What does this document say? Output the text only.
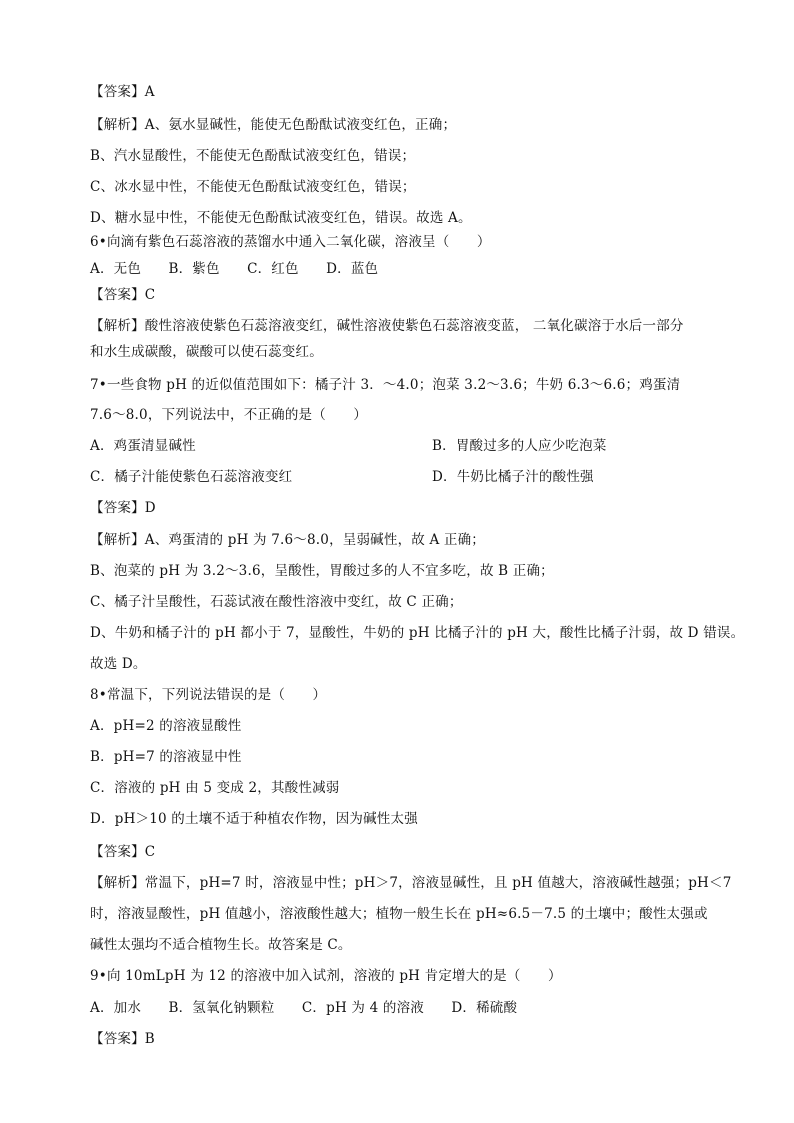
【答案】A
【解析】A、氨水显碱性，能使无色酚酞试液变红色，正确；
B、汽水显酸性，不能使无色酚酞试液变红色，错误；
C、冰水显中性，不能使无色酚酞试液变红色，错误；
D、糖水显中性，不能使无色酚酞试液变红色，错误。故选 A。
6•向滴有紫色石蕊溶液的蒸馏水中通入二氧化碳，溶液呈（　　）
A．无色　　B．紫色　　C．红色　　D．蓝色
【答案】C
【解析】酸性溶液使紫色石蕊溶液变红，碱性溶液使紫色石蕊溶液变蓝， 二氧化碳溶于水后一部分
和水生成碳酸，碳酸可以使石蕊变红。
7•一些食物 pH 的近似值范围如下：橘子汁 3．～4.0；泡菜 3.2～3.6；牛奶 6.3～6.6；鸡蛋清
7.6～8.0，下列说法中，不正确的是（　　）
A．鸡蛋清显碱性	B．胃酸过多的人应少吃泡菜
C．橘子汁能使紫色石蕊溶液变红	D．牛奶比橘子汁的酸性强
【答案】D
【解析】A、鸡蛋清的 pH 为 7.6～8.0，呈弱碱性，故 A 正确；
B、泡菜的 pH 为 3.2～3.6，呈酸性，胃酸过多的人不宜多吃，故 B 正确；
C、橘子汁呈酸性，石蕊试液在酸性溶液中变红，故 C 正确；
D、牛奶和橘子汁的 pH 都小于 7，显酸性，牛奶的 pH 比橘子汁的 pH 大，酸性比橘子汁弱，故 D 错误。
故选 D。
8•常温下，下列说法错误的是（　　）
A．pH=2 的溶液显酸性
B．pH=7 的溶液显中性
C．溶液的 pH 由 5 变成 2，其酸性减弱
D．pH＞10 的土壤不适于种植农作物，因为碱性太强
【答案】C
【解析】常温下，pH=7 时，溶液显中性；pH＞7，溶液显碱性，且 pH 值越大，溶液碱性越强；pH＜7
时，溶液显酸性，pH 值越小，溶液酸性越大；植物一般生长在 pH≈6.5－7.5 的土壤中；酸性太强或
碱性太强均不适合植物生长。故答案是 C。
9•向 10mLpH 为 12 的溶液中加入试剂，溶液的 pH 肯定增大的是（　　）
A．加水　　B．氢氧化钠颗粒　　C．pH 为 4 的溶液　　D．稀硫酸
【答案】B
